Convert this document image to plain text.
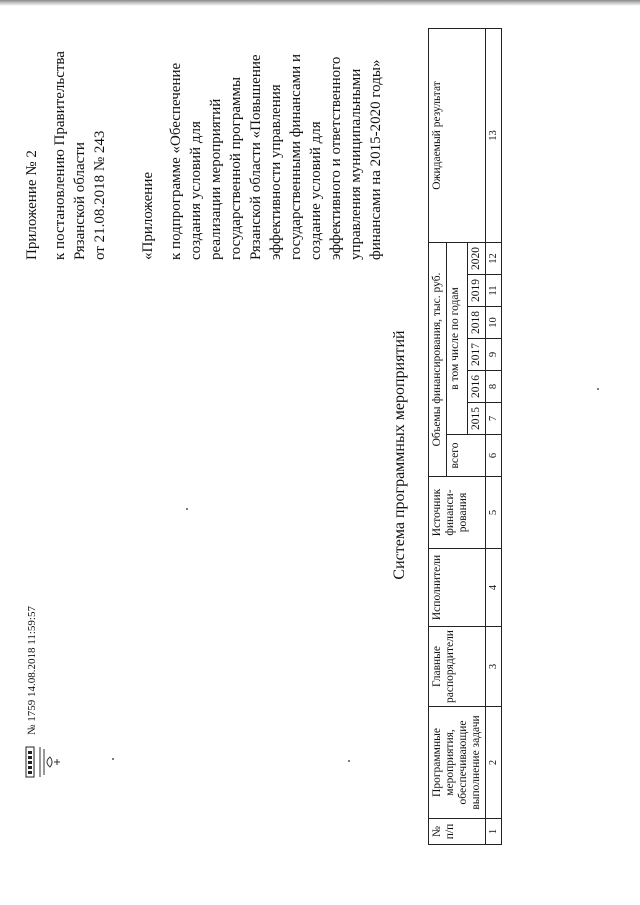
Приложение № 2 к постановлению Правительства Рязанской области от 21.08.2018 № 243 «Приложение к подпрограмме «Обеспечение создания условий для реализации мероприятий государственной программы Рязанской области «Повышение эффективности управления государственными финансами и создание условий для эффективного и ответственного управления муниципальными финансами на 2015-2020 годы»

Система программных мероприятий
№ п/п	Программные мероприятия, обеспечивающие выполнение задачи	Главные распорядители	Исполнители	Источник финанси-рования	Объемы финансирования, тыс. руб.							Ожидаемый результат
					всего	в том числе по годам						
						2015	2016	2017	2018	2019	2020	
1	2	3	4	5	6	7	8	9	10	11	12	13
№ 1759 14.08.2018 11:59:57
